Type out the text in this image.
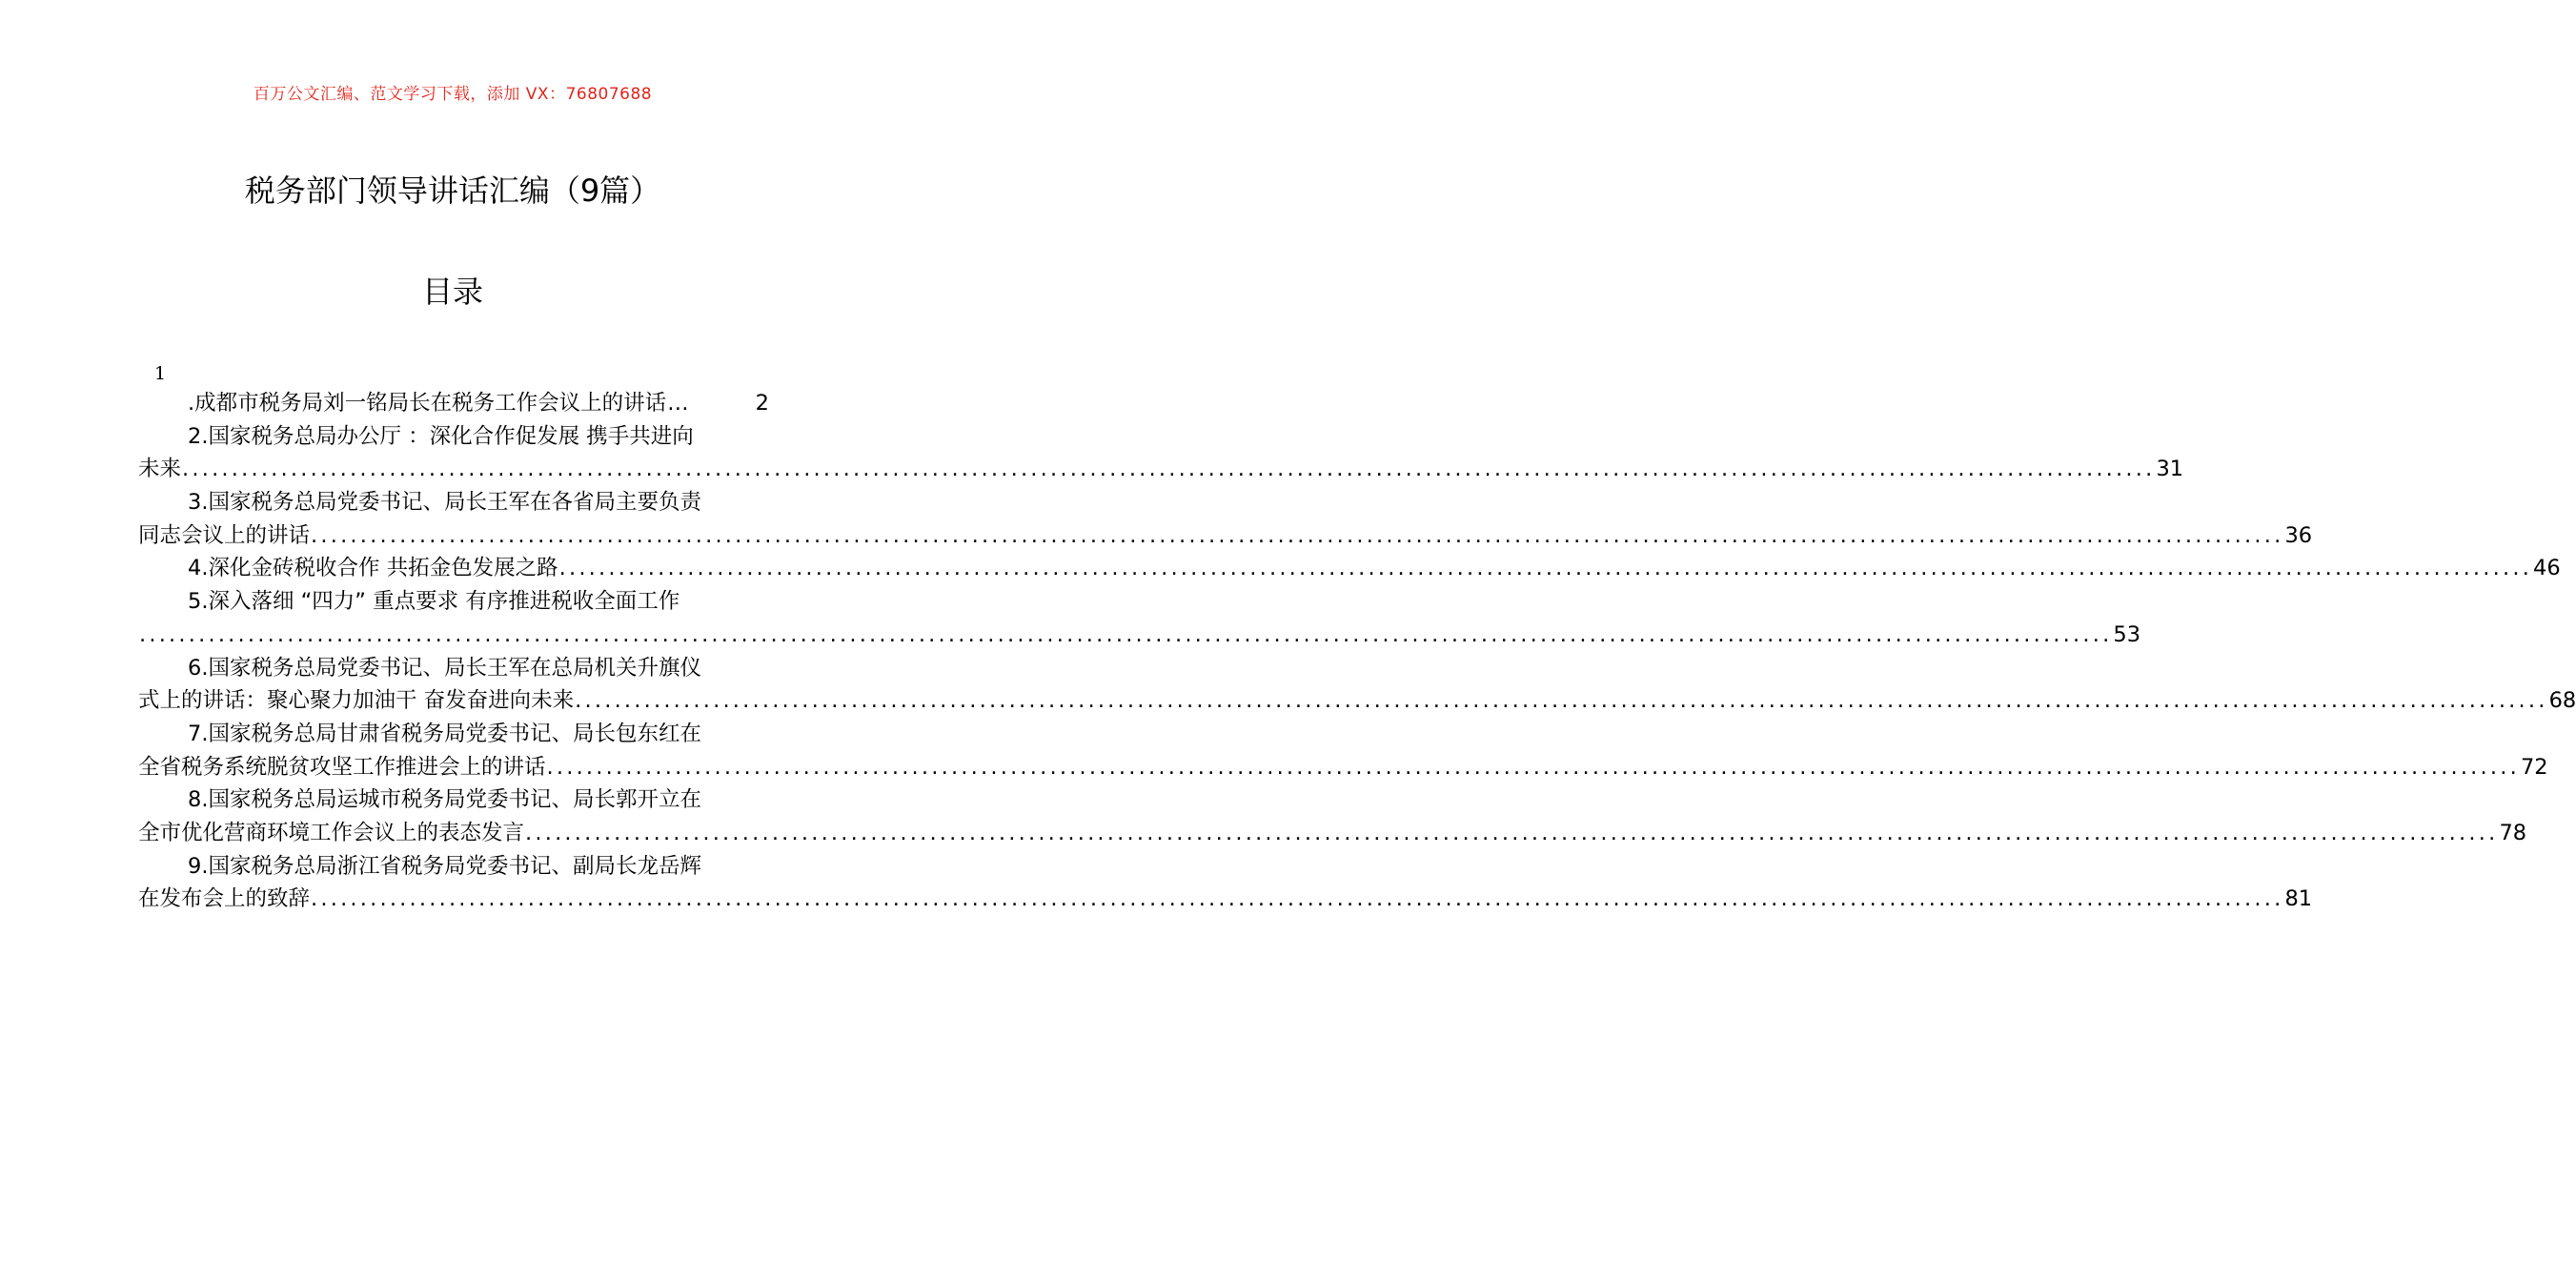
百万公文汇编、范文学习下载，添加 VX：76807688
税务部门领导讲话汇编（9篇）
目录
1
.成都市税务局刘一铭局长在税务工作会议上的讲话 …	2
2.国家税务总局办公厅 ：深化合作促发展 携手共进向
未来 ........................................................................................................................................................................................................ 31
3.国家税务总局党委书记、局长王军在各省局主要负责
同志会议上的讲话 ........................................................................................................................................................................................................ 36
4.深化金砖税收合作 共拓金色发展之路 ........................................................................................................................................................................................................ 46
5.深入落细 “四力” 重点要求 有序推进税收全面工作
........................................................................................................................................................................................................ 53
6.国家税务总局党委书记、局长王军在总局机关升旗仪
式上的讲话：聚心聚力加油干 奋发奋进向未来 ........................................................................................................................................................................................................ 68
7.国家税务总局甘肃省税务局党委书记、局长包东红在
全省税务系统脱贫攻坚工作推进会上的讲话 ........................................................................................................................................................................................................ 72
8.国家税务总局运城市税务局党委书记、局长郭开立在
全市优化营商环境工作会议上的表态发言 ........................................................................................................................................................................................................ 78
9.国家税务总局浙江省税务局党委书记、副局长龙岳辉
在发布会上的致辞 ........................................................................................................................................................................................................ 81
